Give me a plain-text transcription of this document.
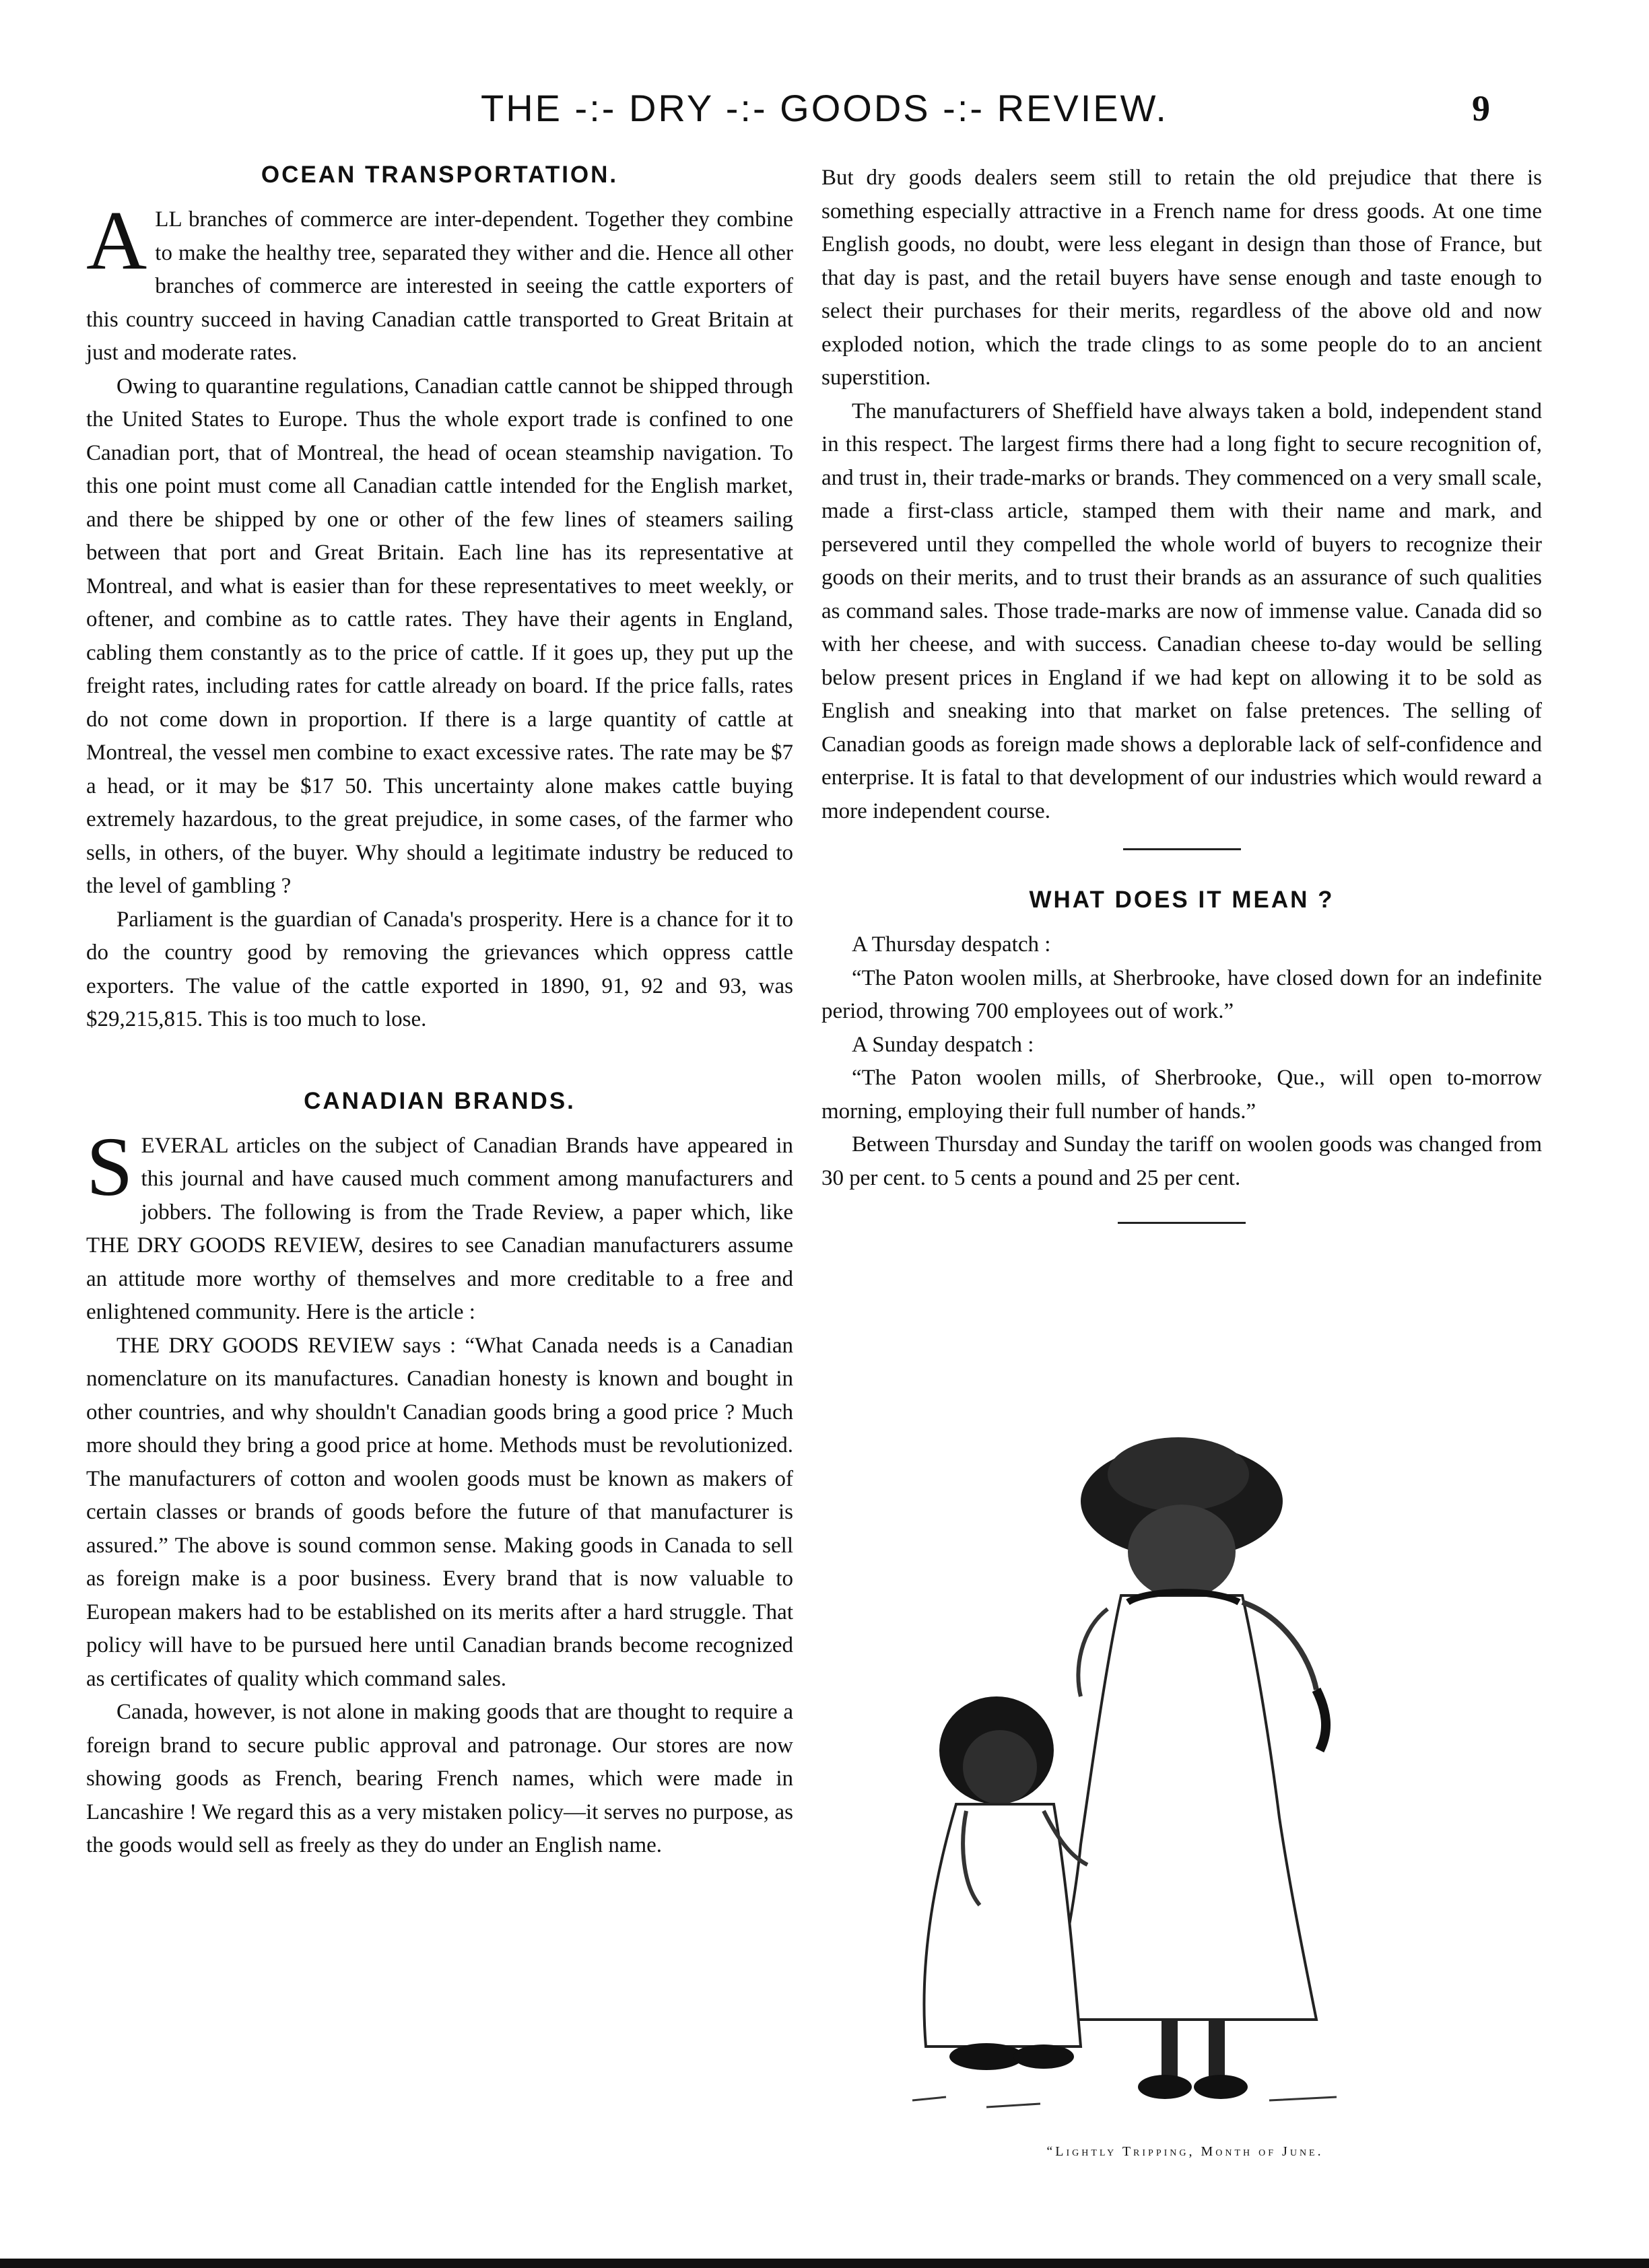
THE -:- DRY -:- GOODS -:- REVIEW.	9
OCEAN TRANSPORTATION.

ALL branches of commerce are inter-dependent. Together they combine to make the healthy tree, separated they wither and die. Hence all other branches of commerce are interested in seeing the cattle exporters of this country succeed in having Canadian cattle transported to Great Britain at just and moderate rates.

Owing to quarantine regulations, Canadian cattle cannot be shipped through the United States to Europe. Thus the whole export trade is confined to one Canadian port, that of Montreal, the head of ocean steamship navigation. To this one point must come all Canadian cattle intended for the English market, and there be shipped by one or other of the few lines of steamers sailing between that port and Great Britain. Each line has its representative at Montreal, and what is easier than for these representatives to meet weekly, or oftener, and combine as to cattle rates. They have their agents in England, cabling them constantly as to the price of cattle. If it goes up, they put up the freight rates, including rates for cattle already on board. If the price falls, rates do not come down in proportion. If there is a large quantity of cattle at Montreal, the vessel men combine to exact excessive rates. The rate may be $7 a head, or it may be $17 50. This uncertainty alone makes cattle buying extremely hazardous, to the great prejudice, in some cases, of the farmer who sells, in others, of the buyer. Why should a legitimate industry be reduced to the level of gambling ?

Parliament is the guardian of Canada's prosperity. Here is a chance for it to do the country good by removing the grievances which oppress cattle exporters. The value of the cattle exported in 1890, 91, 92 and 93, was $29,215,815. This is too much to lose.

CANADIAN BRANDS.

SEVERAL articles on the subject of Canadian Brands have appeared in this journal and have caused much comment among manufacturers and jobbers. The following is from the Trade Review, a paper which, like THE DRY GOODS REVIEW, desires to see Canadian manufacturers assume an attitude more worthy of themselves and more creditable to a free and enlightened community. Here is the article :

THE DRY GOODS REVIEW says : “What Canada needs is a Canadian nomenclature on its manufactures. Canadian honesty is known and bought in other countries, and why shouldn't Canadian goods bring a good price ? Much more should they bring a good price at home. Methods must be revolutionized. The manufacturers of cotton and woolen goods must be known as makers of certain classes or brands of goods before the future of that manufacturer is assured.” The above is sound common sense. Making goods in Canada to sell as foreign make is a poor business. Every brand that is now valuable to European makers had to be established on its merits after a hard struggle. That policy will have to be pursued here until Canadian brands become recognized as certificates of quality which command sales.

Canada, however, is not alone in making goods that are thought to require a foreign brand to secure public approval and patronage. Our stores are now showing goods as French, bearing French names, which were made in Lancashire ! We regard this as a very mistaken policy—it serves no purpose, as the goods would sell as freely as they do under an English name.

But dry goods dealers seem still to retain the old prejudice that there is something especially attractive in a French name for dress goods. At one time English goods, no doubt, were less elegant in design than those of France, but that day is past, and the retail buyers have sense enough and taste enough to select their purchases for their merits, regardless of the above old and now exploded notion, which the trade clings to as some people do to an ancient superstition.

The manufacturers of Sheffield have always taken a bold, independent stand in this respect. The largest firms there had a long fight to secure recognition of, and trust in, their trade-marks or brands. They commenced on a very small scale, made a first-class article, stamped them with their name and mark, and persevered until they compelled the whole world of buyers to recognize their goods on their merits, and to trust their brands as an assurance of such qualities as command sales. Those trade-marks are now of immense value. Canada did so with her cheese, and with success. Canadian cheese to-day would be selling below present prices in England if we had kept on allowing it to be sold as English and sneaking into that market on false pretences. The selling of Canadian goods as foreign made shows a deplorable lack of self-confidence and enterprise. It is fatal to that development of our industries which would reward a more independent course.

WHAT DOES IT MEAN ?

A Thursday despatch :

“The Paton woolen mills, at Sherbrooke, have closed down for an indefinite period, throwing 700 employees out of work.”

A Sunday despatch :

“The Paton woolen mills, of Sherbrooke, Que., will open to-morrow morning, employing their full number of hands.”

Between Thursday and Sunday the tariff on woolen goods was changed from 30 per cent. to 5 cents a pound and 25 per cent.

“Lightly Tripping, Month of June.
